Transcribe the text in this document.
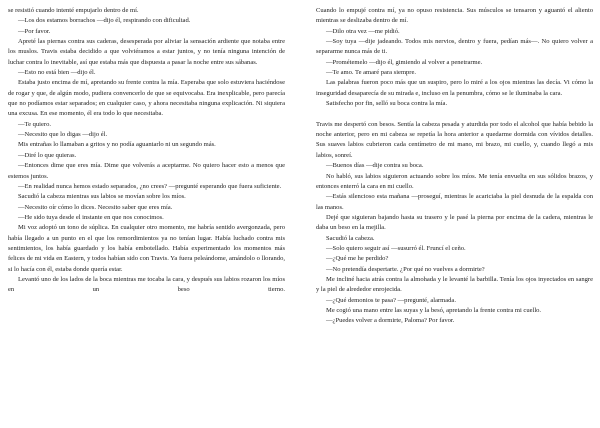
se resistió cuando intenté empujarlo dentro de mí.

—Los dos estamos borrachos —dijo él, respirando con dificultad.

—Por favor.

Apreté las piernas contra sus caderas, desesperada por aliviar la sensación ardiente que notaba entre los muslos. Travis estaba decidido a que volviéramos a estar juntos, y no tenía ninguna intención de luchar contra lo inevitable, así que estaba más que dispuesta a pasar la noche entre sus sábanas.

—Esto no está bien —dijo él.

Estaba justo encima de mí, apretando su frente contra la mía. Esperaba que solo estuviera haciéndose de rogar y que, de algún modo, pudiera convencerlo de que se equivocaba. Era inexplicable, pero parecía que no podíamos estar separados; en cualquier caso, y ahora necesitaba ninguna explicación. Ni siquiera una excusa. En ese momento, él era todo lo que necesitaba.

—Te quiero.

—Necesito que lo digas —dijo él.

Mis entrañas lo llamaban a gritos y no podía aguantarlo ni un segundo más.

—Diré lo que quieras.

—Entonces dime que eres mía. Dime que volverás a aceptarme. No quiero hacer esto a menos que estemos juntos.

—En realidad nunca hemos estado separados, ¿no crees? —pregunté esperando que fuera suficiente.

Sacudió la cabeza mientras sus labios se movían sobre los míos.

—Necesito oír cómo lo dices. Necesito saber que eres mía.

—He sido tuya desde el instante en que nos conocimos.

Mi voz adoptó un tono de súplica. En cualquier otro momento, me habría sentido avergonzada, pero había llegado a un punto en el que los remordimientos ya no tenían lugar. Había luchado contra mis sentimientos, los había guardado y los había embotellado. Había experimentado los momentos más felices de mi vida en Eastern, y todos habían sido con Travis. Ya fuera peleándome, amándolo o llorando, si lo hacía con él, estaba donde quería estar.

Levantó uno de los lados de la boca mientras me tocaba la cara, y después sus labios rozaron los míos en un beso tierno.

Cuando lo empujé contra mí, ya no opuso resistencia. Sus músculos se tensaron y aguantó el aliento mientras se deslizaba dentro de mí.

—Dilo otra vez —me pidió.

—Soy tuya —dije jadeando. Todos mis nervios, dentro y fuera, pedían más—. No quiero volver a separarme nunca más de ti.

—Prométemelo —dijo él, gimiendo al volver a penetrarme.

—Te amo. Te amaré para siempre.

Las palabras fueron poco más que un suspiro, pero lo miré a los ojos mientras las decía. Vi cómo la inseguridad desaparecía de su mirada e, incluso en la penumbra, cómo se le iluminaba la cara.

Satisfecho por fin, selló su boca contra la mía.

Travis me despertó con besos. Sentía la cabeza pesada y aturdida por todo el alcohol que había bebido la noche anterior, pero en mi cabeza se repetía la hora anterior a quedarme dormida con vívidos detalles. Sus suaves labios cubrieron cada centímetro de mi mano, mi brazo, mi cuello, y, cuando llegó a mis labios, sonreí.

—Buenos días —dije contra su boca.

No habló, sus labios siguieron actuando sobre los míos. Me tenía envuelta en sus sólidos brazos, y entonces enterró la cara en mi cuello.

—Estás silencioso esta mañana —proseguí, mientras le acariciaba la piel desnuda de la espalda con las manos.

Dejé que siguieran bajando hasta su trasero y le pasé la pierna por encima de la cadera, mientras le daba un beso en la mejilla.

Sacudió la cabeza.

—Solo quiero seguir así —susurró él. Fruncí el ceño.

—¿Qué me he perdido?

—No pretendía despertarte. ¿Por qué no vuelves a dormirte?

Me incliné hacia atrás contra la almohada y le levanté la barbilla. Tenía los ojos inyectados en sangre y la piel de alrededor enrojecida.

—¿Qué demonios te pasa? —pregunté, alarmada.

Me cogió una mano entre las suyas y la besó, apretando la frente contra mi cuello.

—¿Puedes volver a dormirte, Paloma? Por favor.
